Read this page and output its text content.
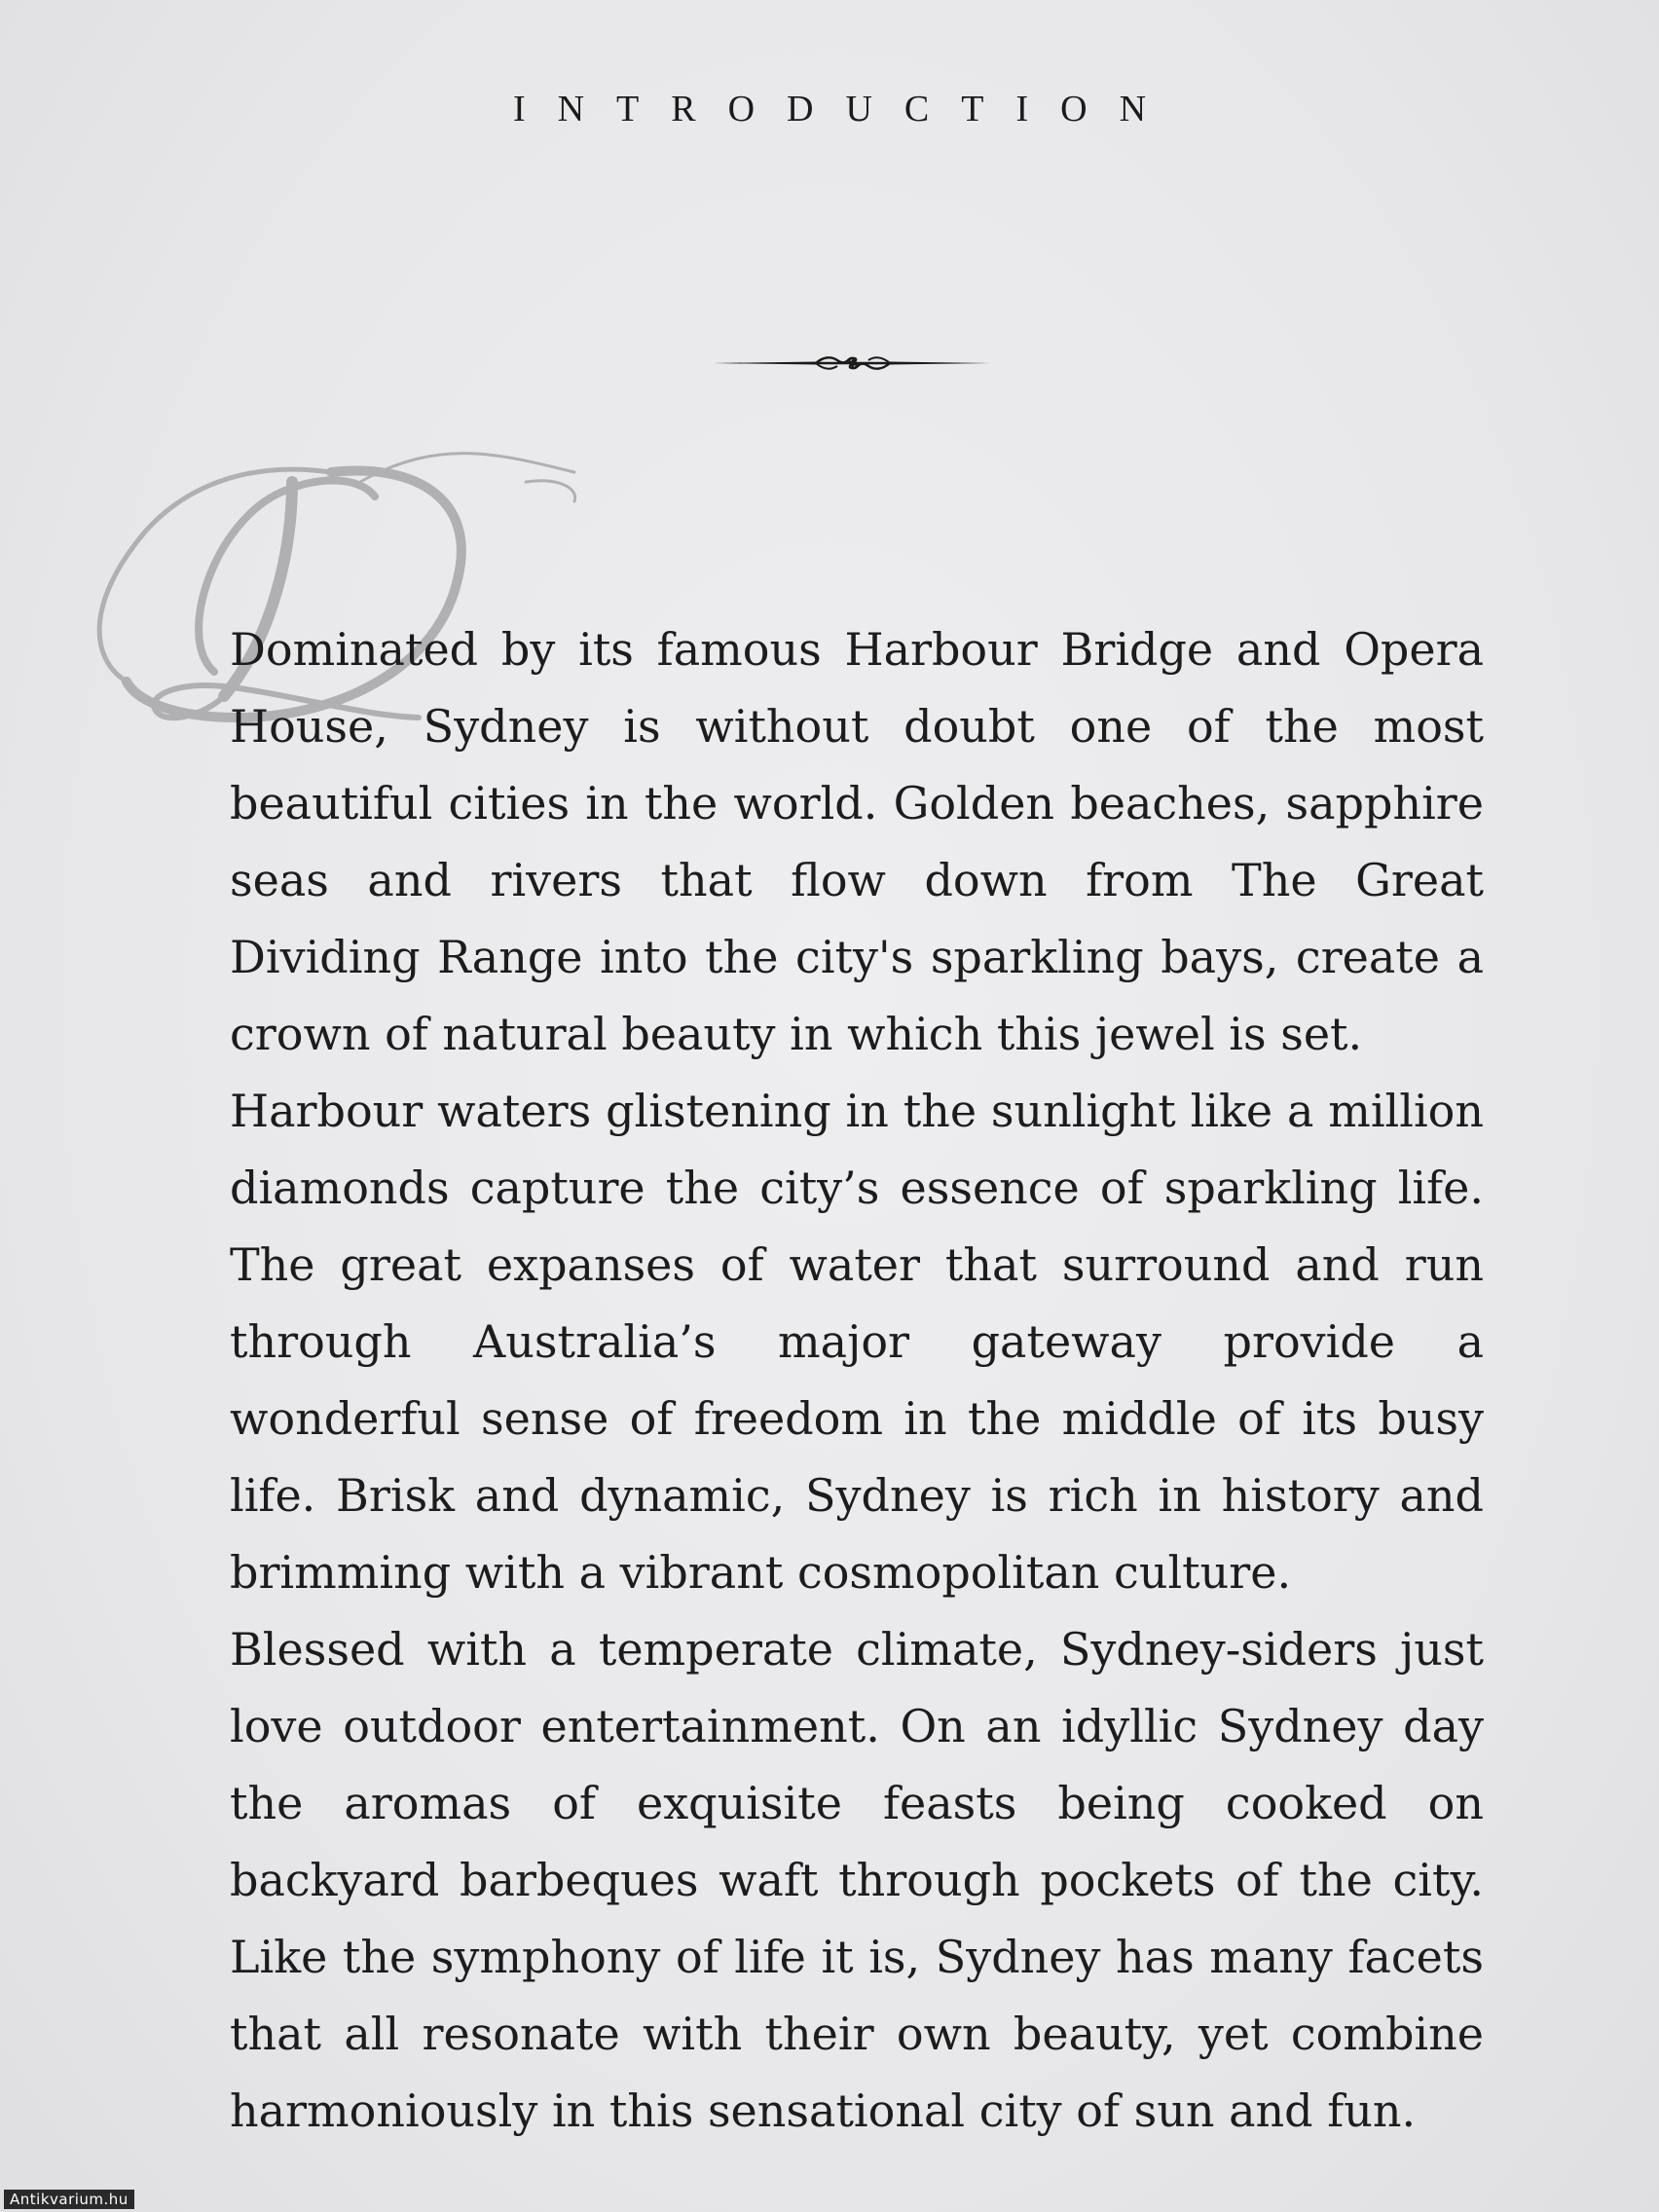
INTRODUCTION

Dominated by its famous Harbour Bridge and Opera House, Sydney is without doubt one of the most beautiful cities in the world. Golden beaches, sapphire seas and rivers that flow down from The Great Dividing Range into the city's sparkling bays, create a crown of natural beauty in which this jewel is set.

Harbour waters glistening in the sunlight like a million diamonds capture the city’s essence of sparkling life. The great expanses of water that surround and run through Australia’s major gateway provide a wonderful sense of freedom in the middle of its busy life. Brisk and dynamic, Sydney is rich in history and brimming with a vibrant cosmopolitan culture.

Blessed with a temperate climate, Sydney-siders just love outdoor entertainment. On an idyllic Sydney day the aromas of exquisite feasts being cooked on backyard barbeques waft through pockets of the city. Like the symphony of life it is, Sydney has many facets that all resonate with their own beauty, yet combine harmoniously in this sensational city of sun and fun.

Antikvarium.hu
